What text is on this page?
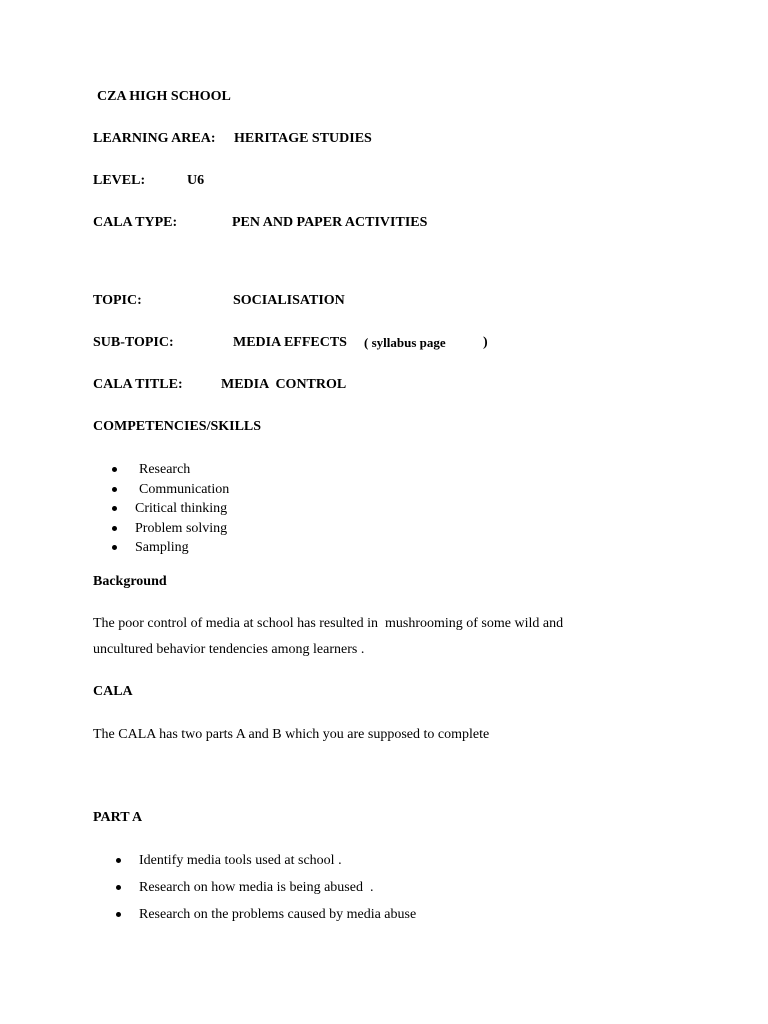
CZA HIGH SCHOOL
LEARNING AREA: HERITAGE STUDIES
LEVEL:	U6
CALA TYPE:	PEN AND PAPER ACTIVITIES
TOPIC:	SOCIALISATION
SUB-TOPIC:	MEDIA EFFECTS ( syllabus page	)
CALA TITLE:	MEDIA  CONTROL
COMPETENCIES/SKILLS
Research
Communication
Critical thinking
Problem solving
Sampling
Background
The poor control of media at school has resulted in  mushrooming of some wild and
uncultured behavior tendencies among learners .
CALA
The CALA has two parts A and B which you are supposed to complete
PART A
Identify media tools used at school .
Research on how media is being abused  .
Research on the problems caused by media abuse
